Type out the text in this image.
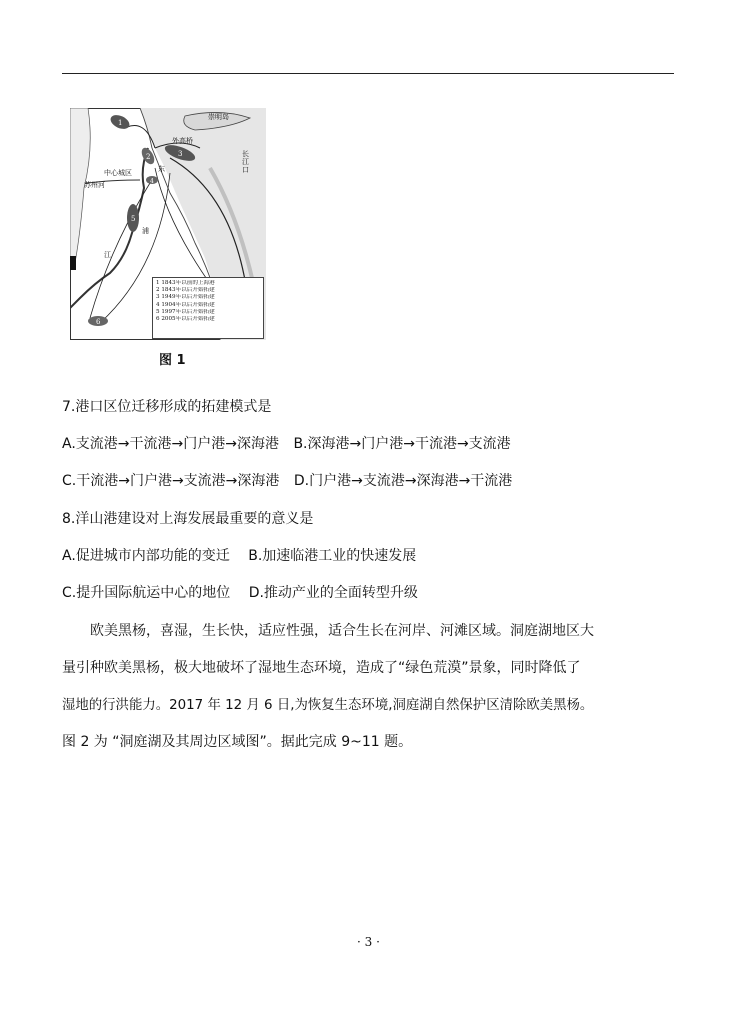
1
2	3
4
5
6
崇明岛
长
江
口
外高桥
中心城区
苏州河
东
浦
江
1 1843年以前的上海港
2 1843年以后开始拓建
3 1949年以后开始拓建
4 1904年以后开始拓建
5 1997年以后开始拓建
6 2005年以后开始拓建
图 1
7.港口区位迁移形成的拓建模式是
A.支流港→干流港→门户港→深海港 B.深海港→门户港→干流港→支流港
C.干流港→门户港→支流港→深海港 D.门户港→支流港→深海港→干流港
8.洋山港建设对上海发展最重要的意义是
A.促进城市内部功能的变迁 B.加速临港工业的快速发展
C.提升国际航运中心的地位 D.推动产业的全面转型升级
欧美黑杨，喜湿，生长快，适应性强，适合生长在河岸、河滩区域。洞庭湖地区大
量引种欧美黑杨，极大地破坏了湿地生态环境，造成了“绿色荒漠”景象，同时降低了
湿地的行洪能力。2017 年 12 月 6 日,为恢复生态环境,洞庭湖自然保护区清除欧美黑杨。
图 2 为 “洞庭湖及其周边区域图”。据此完成 9~11 题。
· 3 ·
